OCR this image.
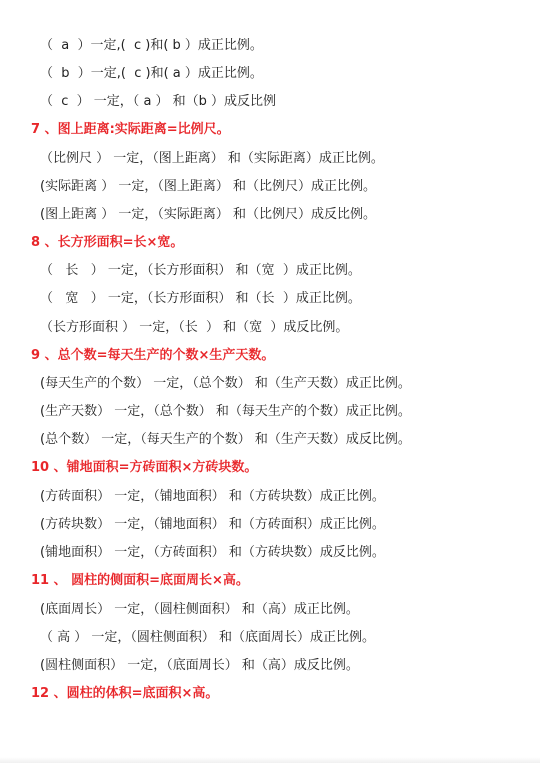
（  a  ）一定,(  c )和( b ）成正比例。
（  b  ）一定,(  c )和( a ）成正比例。
（  c  ） 一定，（ a ） 和（b ）成反比例
7 、图上距离:实际距离=比例尺。
（比例尺 ） 一定，（图上距离） 和（实际距离）成正比例。
(实际距离 ） 一定，（图上距离） 和（比例尺）成正比例。
(图上距离 ） 一定，（实际距离） 和（比例尺）成反比例。
8 、长方形面积=长×宽。
（   长   ） 一定，（长方形面积） 和（宽  ）成正比例。
（   宽   ） 一定，（长方形面积） 和（长  ）成正比例。
（长方形面积 ） 一定，（长  ） 和（宽  ）成反比例。
9 、总个数=每天生产的个数×生产天数。
(每天生产的个数） 一定，（总个数） 和（生产天数）成正比例。
(生产天数） 一定，（总个数） 和（每天生产的个数）成正比例。
(总个数） 一定，（每天生产的个数） 和（生产天数）成反比例。
10 、铺地面积=方砖面积×方砖块数。
(方砖面积） 一定，（铺地面积） 和（方砖块数）成正比例。
(方砖块数） 一定，（铺地面积） 和（方砖面积）成正比例。
(铺地面积） 一定，（方砖面积） 和（方砖块数）成反比例。
11 、 圆柱的侧面积=底面周长×高。
(底面周长） 一定，（圆柱侧面积） 和（高）成正比例。
（ 高 ） 一定，（圆柱侧面积） 和（底面周长）成正比例。
(圆柱侧面积） 一定，（底面周长） 和（高）成反比例。
12 、圆柱的体积=底面积×高。
